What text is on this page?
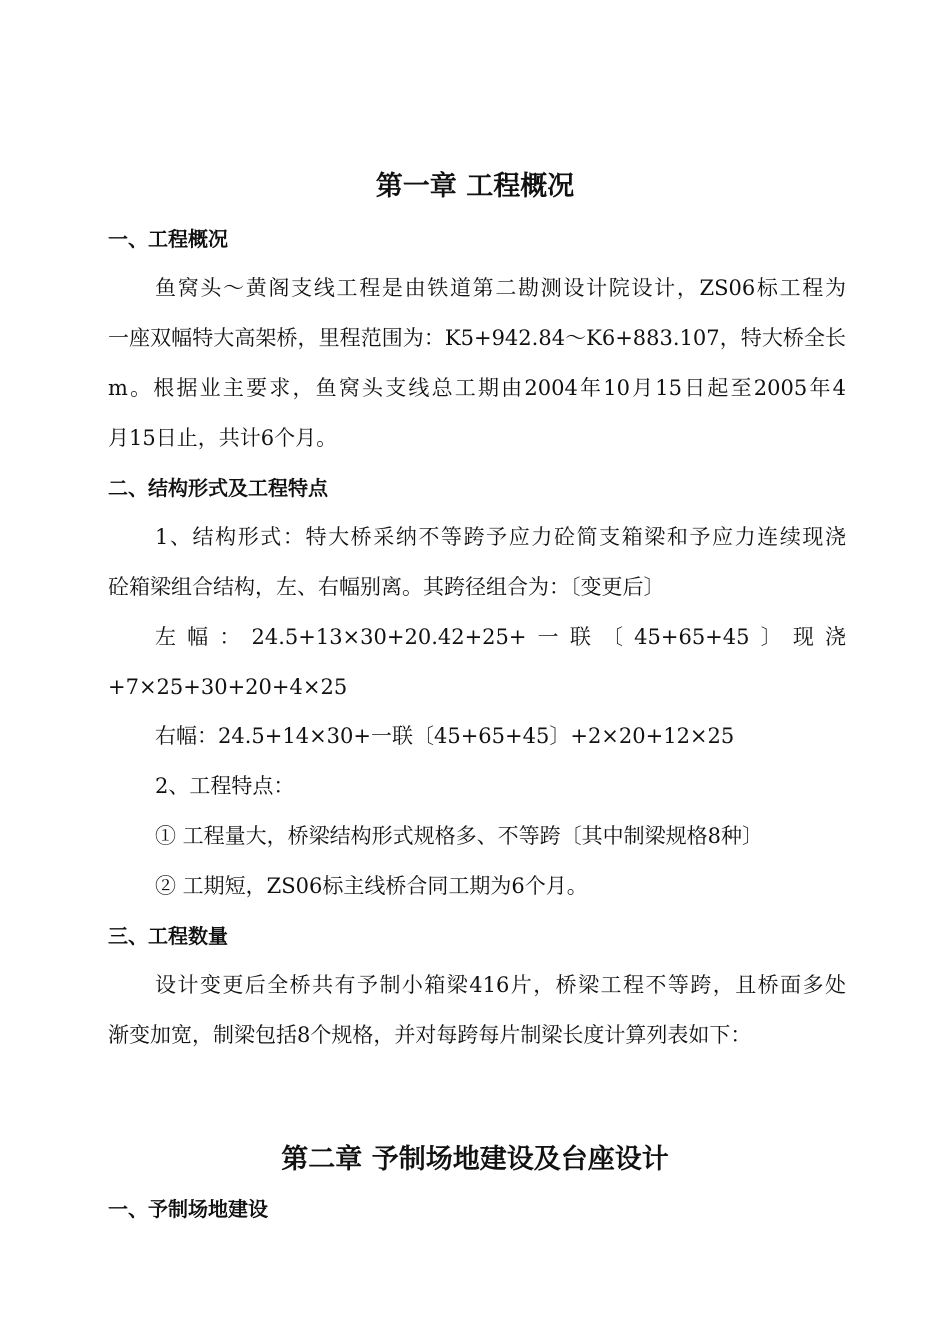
第一章 工程概况
一、工程概况
鱼窝头～黄阁支线工程是由铁道第二勘测设计院设计，ZS06标工程为
一座双幅特大高架桥，里程范围为：K5+942.84～K6+883.107，特大桥全长
m。根据业主要求，鱼窝头支线总工期由2004年10月15日起至2005年4
月15日止，共计6个月。
二、结构形式及工程特点
1、结构形式：特大桥采纳不等跨予应力砼简支箱梁和予应力连续现浇
砼箱梁组合结构，左、右幅别离。其跨径组合为：〔变更后〕
左幅：24.5+13×30+20.42+25+一联〔45+65+45〕现浇
+7×25+30+20+4×25
右幅：24.5+14×30+一联〔45+65+45〕+2×20+12×25
2、工程特点：
① 工程量大，桥梁结构形式规格多、不等跨〔其中制梁规格8种〕
② 工期短，ZS06标主线桥合同工期为6个月。
三、工程数量
设计变更后全桥共有予制小箱梁416片，桥梁工程不等跨，且桥面多处
渐变加宽，制梁包括8个规格，并对每跨每片制梁长度计算列表如下：
第二章 予制场地建设及台座设计
一、予制场地建设
